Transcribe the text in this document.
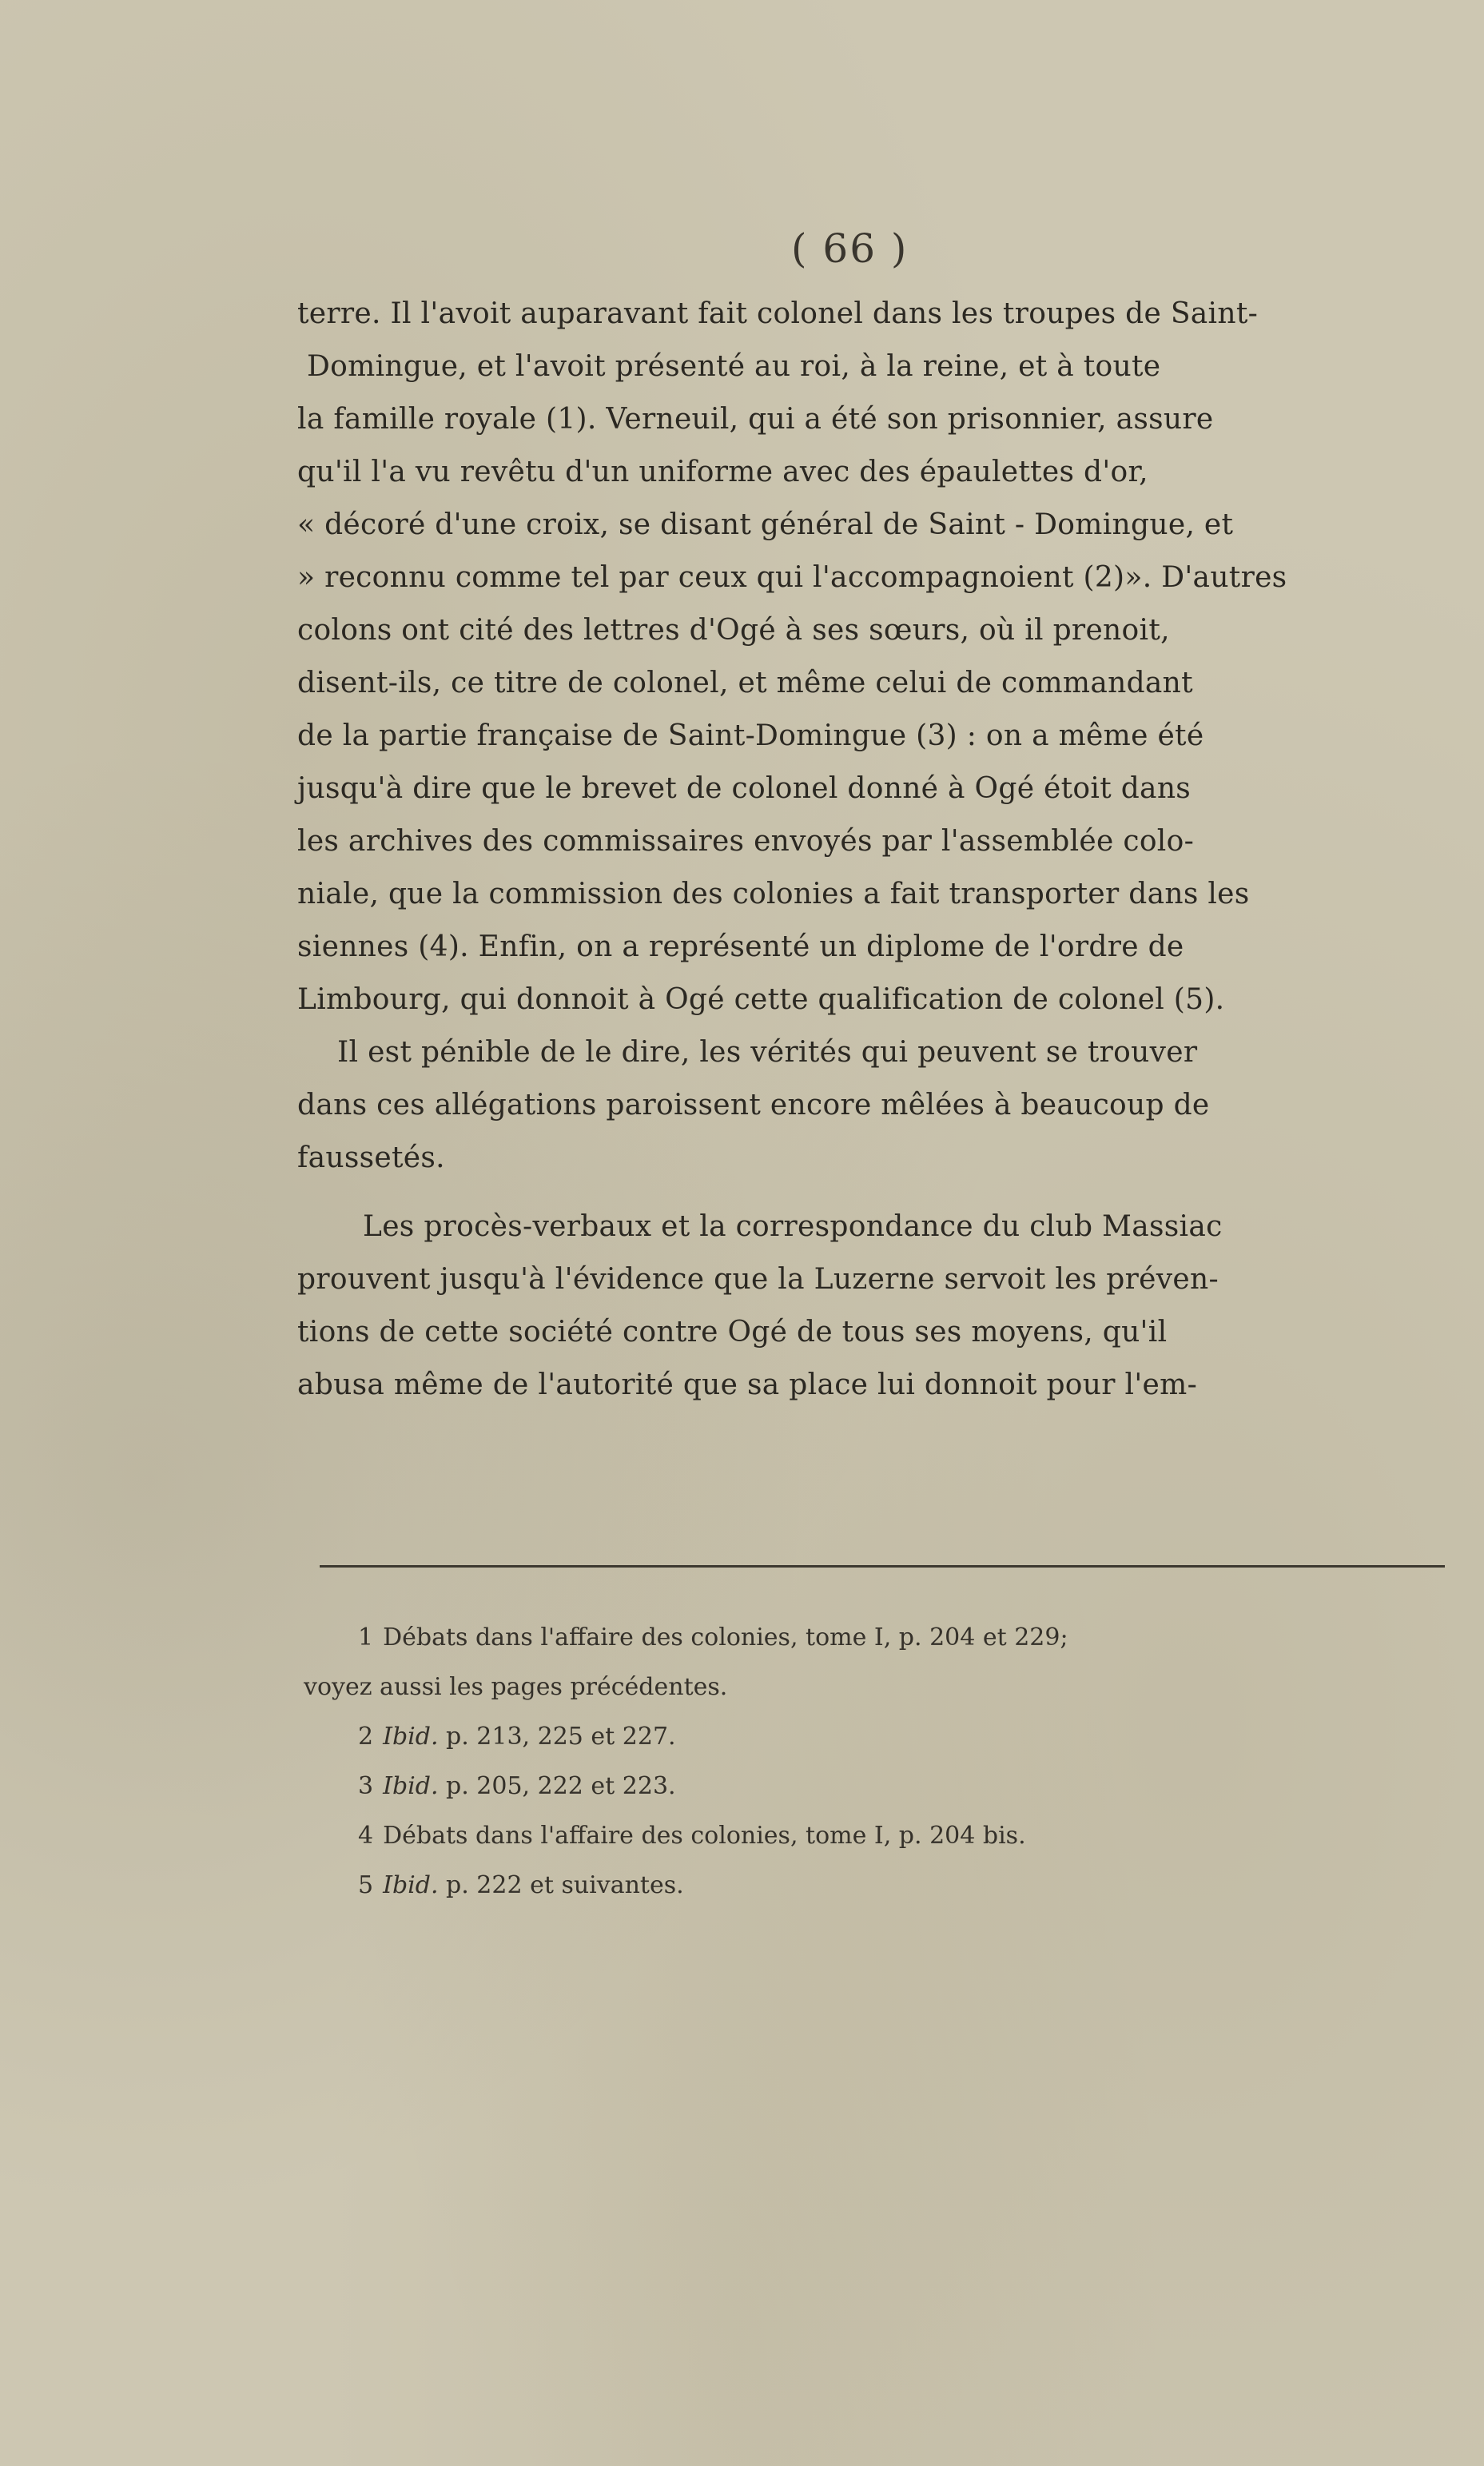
( 66 )
terre. Il l'avoit auparavant fait colonel dans les troupes de Saint-
Domingue, et l'avoit présenté au roi, à la reine, et à toute
la famille royale (1). Verneuil, qui a été son prisonnier, assure
qu'il l'a vu revêtu d'un uniforme avec des épaulettes d'or,
« décoré d'une croix, se disant général de Saint - Domingue, et
» reconnu comme tel par ceux qui l'accompagnoient (2)». D'autres
colons ont cité des lettres d'Ogé à ses sœurs, où il prenoit,
disent-ils, ce titre de colonel, et même celui de commandant
de la partie française de Saint-Domingue (3) : on a même été
jusqu'à dire que le brevet de colonel donné à Ogé étoit dans
les archives des commissaires envoyés par l'assemblée colo-
niale, que la commission des colonies a fait transporter dans les
siennes (4). Enfin, on a représenté un diplome de l'ordre de
Limbourg, qui donnoit à Ogé cette qualification de colonel (5).
Il est pénible de le dire, les vérités qui peuvent se trouver
dans ces allégations paroissent encore mêlées à beaucoup de
faussetés.
Les procès-verbaux et la correspondance du club Massiac
prouvent jusqu'à l'évidence que la Luzerne servoit les préven-
tions de cette société contre Ogé de tous ses moyens, qu'il
abusa même de l'autorité que sa place lui donnoit pour l'em-
1 Débats dans l'affaire des colonies, tome I, p. 204 et 229;
voyez aussi les pages précédentes.
2 Ibid. p. 213, 225 et 227.
3 Ibid. p. 205, 222 et 223.
4 Débats dans l'affaire des colonies, tome I, p. 204 bis.
5 Ibid. p. 222 et suivantes.
